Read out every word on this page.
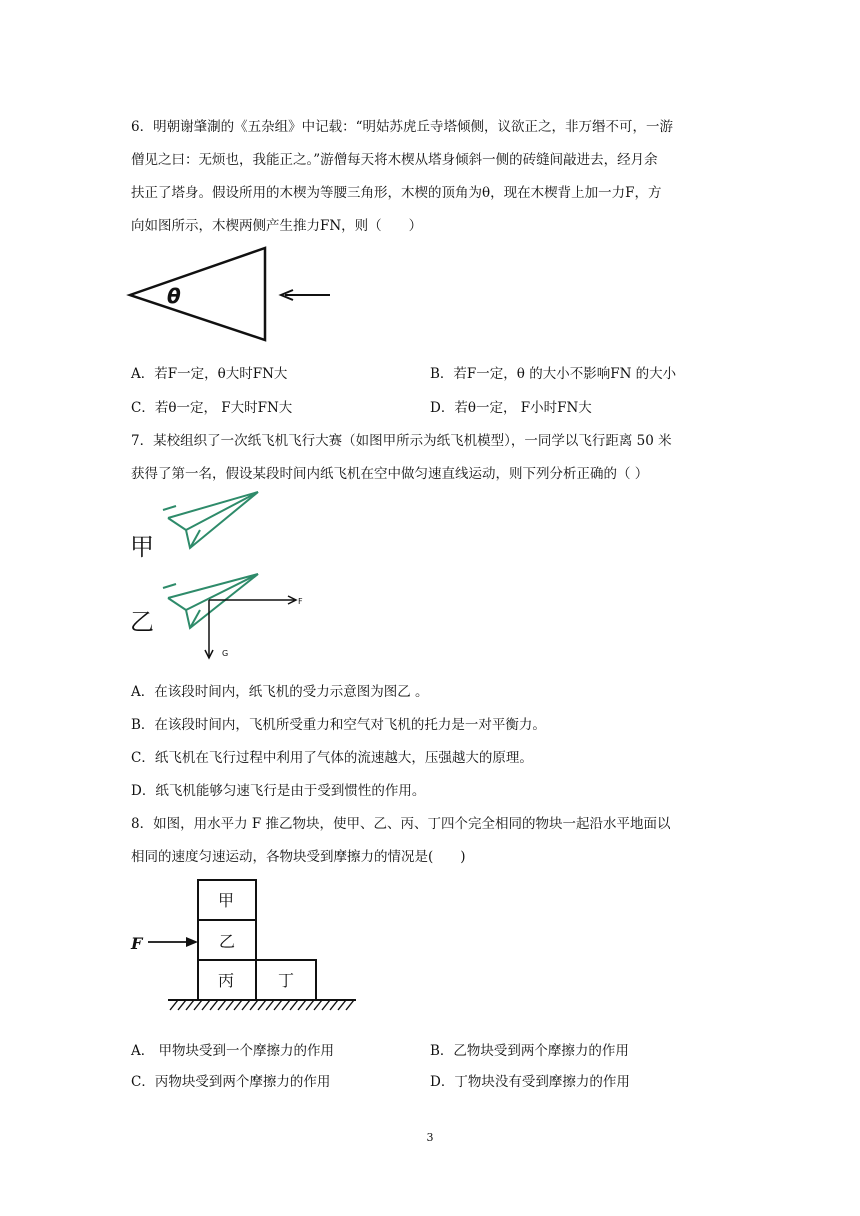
6．明朝谢肇淛的《五杂组》中记载：“明姑苏虎丘寺塔倾侧，议欲正之，非万缗不可，一游
僧见之曰：无烦也，我能正之。”游僧每天将木楔从塔身倾斜一侧的砖缝间敲进去，经月余
扶正了塔身。假设所用的木楔为等腰三角形，木楔的顶角为θ，现在木楔背上加一力F，方
向如图所示，木楔两侧产生推力FN，则（　　）
θ
A．若F一定，θ大时FN大	B．若F一定，θ 的大小不影响FN 的大小
C．若θ一定， F大时FN大	D．若θ一定， F小时FN大
7．某校组织了一次纸飞机飞行大赛（如图甲所示为纸飞机模型），一同学以飞行距离 50 米
获得了第一名，假设某段时间内纸飞机在空中做匀速直线运动，则下列分析正确的（ ）
甲
F
G
乙
A．在该段时间内，纸飞机的受力示意图为图乙 。
B．在该段时间内，飞机所受重力和空气对飞机的托力是一对平衡力。
C．纸飞机在飞行过程中利用了气体的流速越大，压强越大的原理。
D．纸飞机能够匀速飞行是由于受到惯性的作用。
8．如图，用水平力 F 推乙物块，使甲、乙、丙、丁四个完全相同的物块一起沿水平地面以
相同的速度匀速运动，各物块受到摩擦力的情况是(　　)
F
甲
乙
丙	丁
A． 甲物块受到一个摩擦力的作用	B．乙物块受到两个摩擦力的作用
C．丙物块受到两个摩擦力的作用	D．丁物块没有受到摩擦力的作用
3
